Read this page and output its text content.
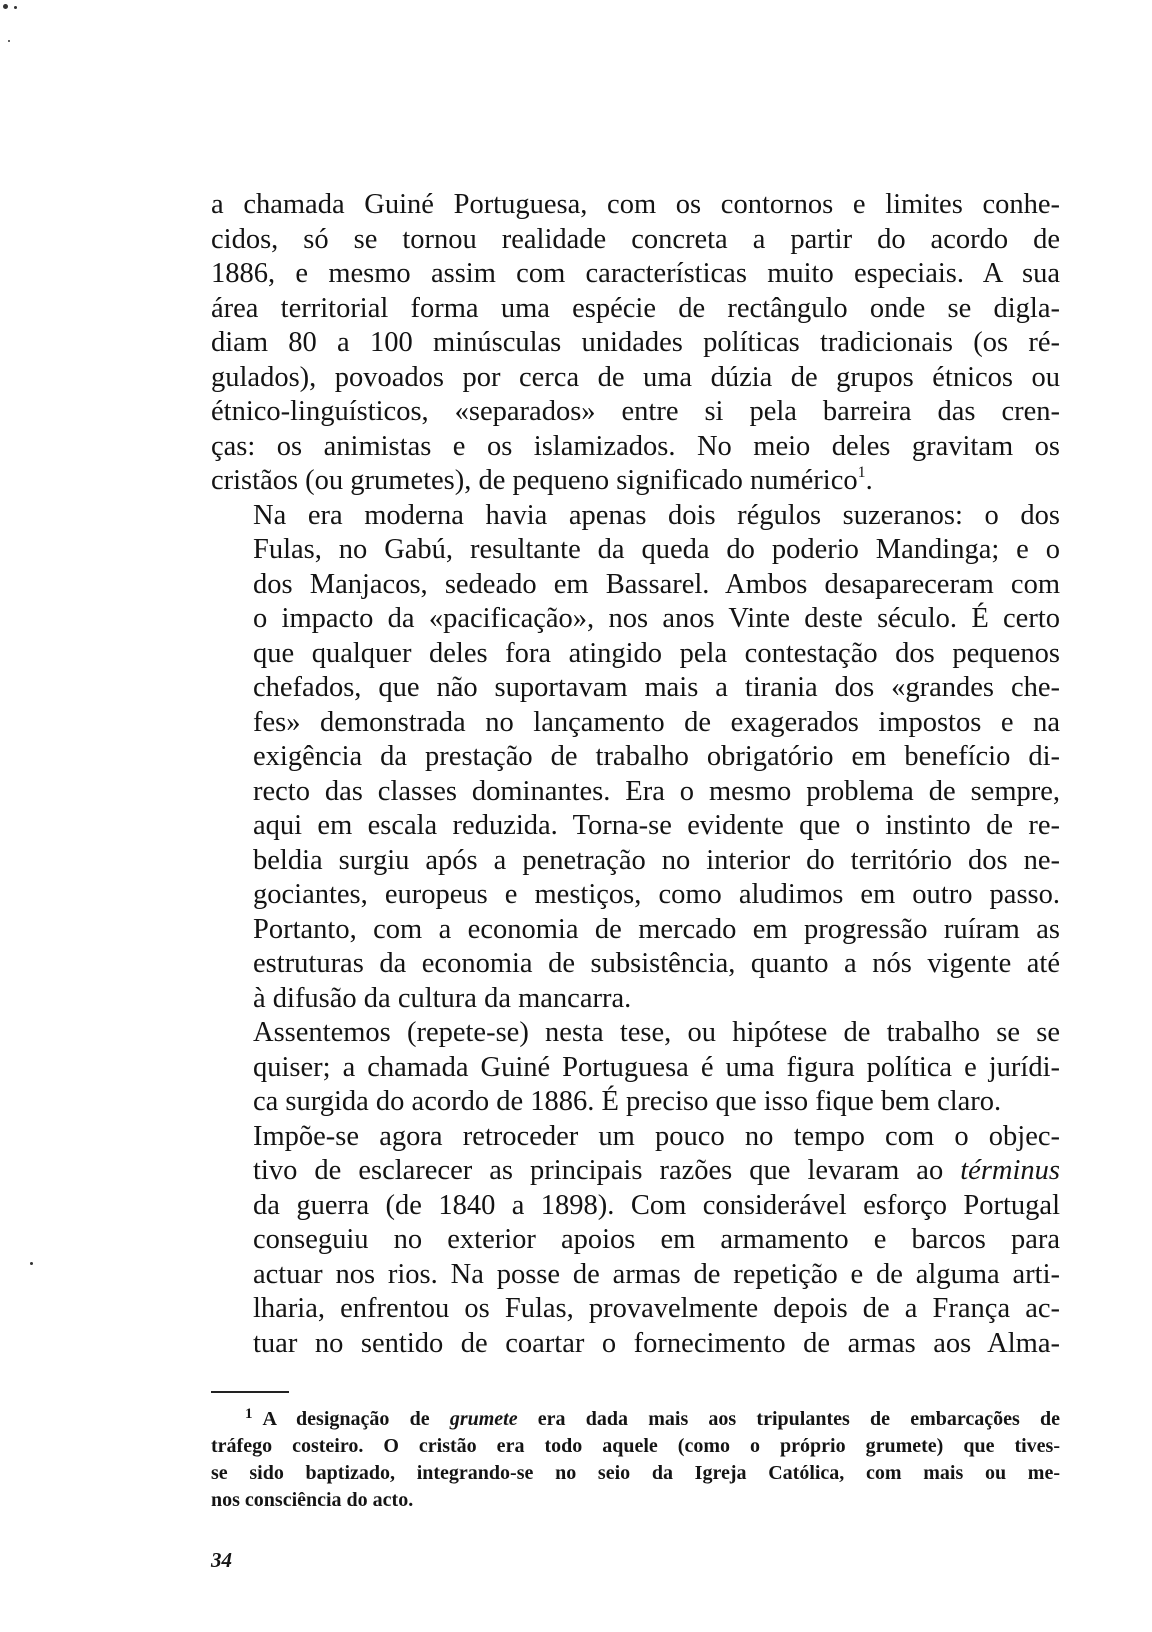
a chamada Guiné Portuguesa, com os contornos e limites conhe-
cidos, só se tornou realidade concreta a partir do acordo de
1886, e mesmo assim com características muito especiais. A sua
área territorial forma uma espécie de rectângulo onde se digla-
diam 80 a 100 minúsculas unidades políticas tradicionais (os ré-
gulados), povoados por cerca de uma dúzia de grupos étnicos ou
étnico-linguísticos, «separados» entre si pela barreira das cren-
ças: os animistas e os islamizados. No meio deles gravitam os
cristãos (ou grumetes), de pequeno significado numérico$^1$.

Na era moderna havia apenas dois régulos suzeranos: o dos
Fulas, no Gabú, resultante da queda do poderio Mandinga; e o
dos Manjacos, sedeado em Bassarel. Ambos desapareceram com
o impacto da «pacificação», nos anos Vinte deste século. É certo
que qualquer deles fora atingido pela contestação dos pequenos
chefados, que não suportavam mais a tirania dos «grandes che-
fes» demonstrada no lançamento de exagerados impostos e na
exigência da prestação de trabalho obrigatório em benefício di-
recto das classes dominantes. Era o mesmo problema de sempre,
aqui em escala reduzida. Torna-se evidente que o instinto de re-
beldia surgiu após a penetração no interior do território dos ne-
gociantes, europeus e mestiços, como aludimos em outro passo.
Portanto, com a economia de mercado em progressão ruíram as
estruturas da economia de subsistência, quanto a nós vigente até
à difusão da cultura da mancarra.

Assentemos (repete-se) nesta tese, ou hipótese de trabalho se se
quiser; a chamada Guiné Portuguesa é uma figura política e jurídi-
ca surgida do acordo de 1886. É preciso que isso fique bem claro.

Impõe-se agora retroceder um pouco no tempo com o objec-
tivo de esclarecer as principais razões que levaram ao términus
da guerra (de 1840 a 1898). Com considerável esforço Portugal
conseguiu no exterior apoios em armamento e barcos para
actuar nos rios. Na posse de armas de repetição e de alguma arti-
lharia, enfrentou os Fulas, provavelmente depois de a França ac-
tuar no sentido de coartar o fornecimento de armas aos Alma-

$^1$ A designação de grumete era dada mais aos tripulantes de embarcações de
tráfego costeiro. O cristão era todo aquele (como o próprio grumete) que tives-
se sido baptizado, integrando-se no seio da Igreja Católica, com mais ou me-
nos consciência do acto.
34
